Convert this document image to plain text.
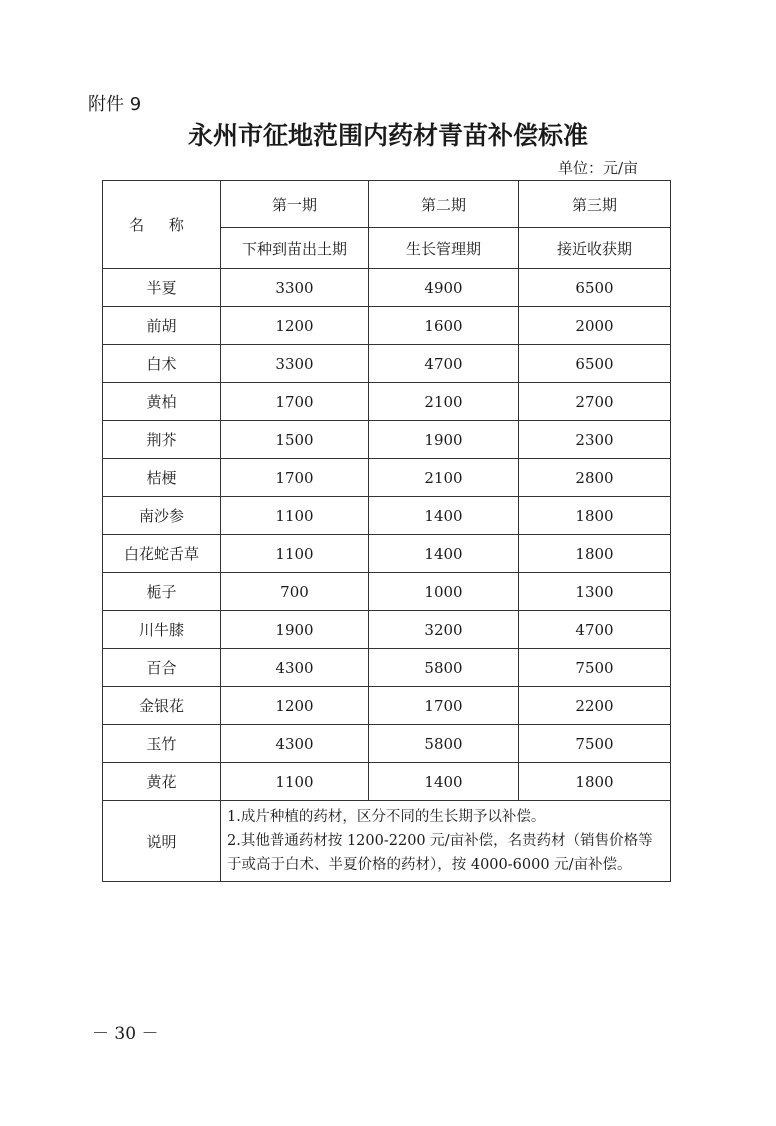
附件 9
永州市征地范围内药材青苗补偿标准
单位：元/亩
名 称	第一期	第二期	第三期
	下种到苗出土期	生长管理期	接近收获期
半夏	3300	4900	6500
前胡	1200	1600	2000
白术	3300	4700	6500
黄柏	1700	2100	2700
荆芥	1500	1900	2300
桔梗	1700	2100	2800
南沙参	1100	1400	1800
白花蛇舌草	1100	1400	1800
栀子	700	1000	1300
川牛膝	1900	3200	4700
百合	4300	5800	7500
金银花	1200	1700	2200
玉竹	4300	5800	7500
黄花	1100	1400	1800
说明	1.成片种植的药材，区分不同的生长期予以补偿。
2.其他普通药材按 1200-2200 元/亩补偿，名贵药材（销售价格等于或高于白术、半夏价格的药材），按 4000-6000 元/亩补偿。		
－ 30 －
